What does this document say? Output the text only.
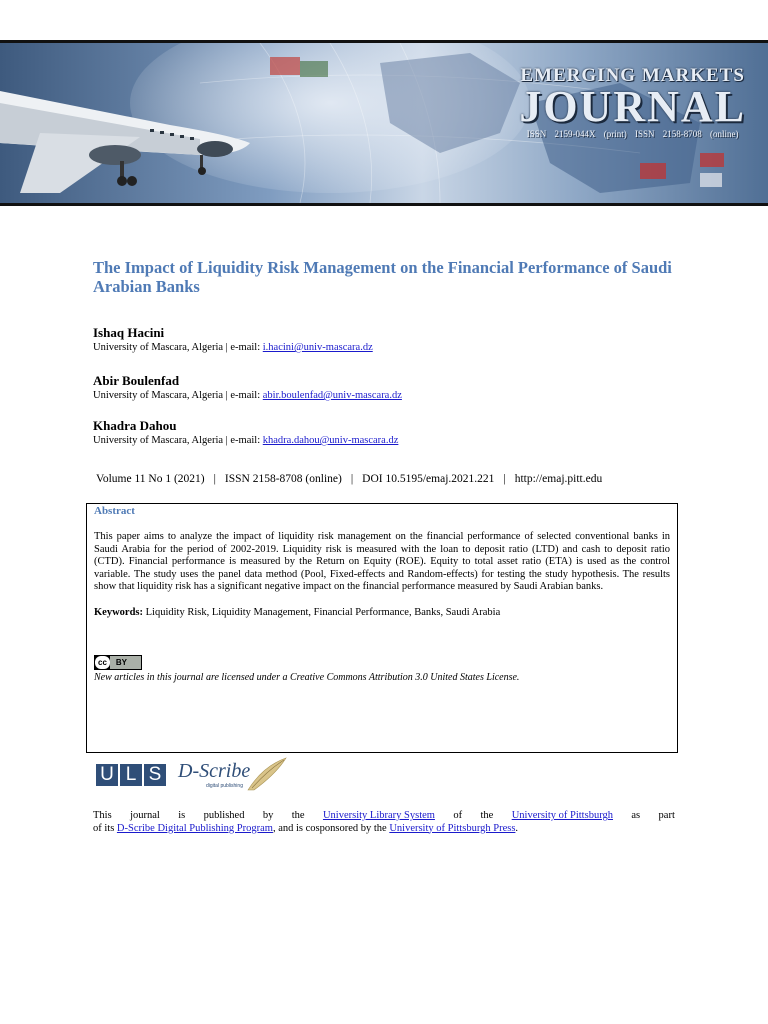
EMERGING MARKETS
JOURNAL
ISSN 2159-044X (print) ISSN 2158-8708 (online)
The Impact of Liquidity Risk Management on the Financial Performance of Saudi Arabian Banks
Ishaq Hacini
University of Mascara, Algeria | e-mail: i.hacini@univ-mascara.dz
Abir Boulenfad
University of Mascara, Algeria | e-mail: abir.boulenfad@univ-mascara.dz
Khadra Dahou
University of Mascara, Algeria | e-mail: khadra.dahou@univ-mascara.dz
Volume 11 No 1 (2021) | ISSN 2158-8708 (online) | DOI 10.5195/emaj.2021.221 | http://emaj.pitt.edu
Abstract
This paper aims to analyze the impact of liquidity risk management on the financial performance of selected conventional banks in Saudi Arabia for the period of 2002-2019. Liquidity risk is measured with the loan to deposit ratio (LTD) and cash to deposit ratio (CTD). Financial performance is measured by the Return on Equity (ROE). Equity to total asset ratio (ETA) is used as the control variable. The study uses the panel data method (Pool, Fixed-effects and Random-effects) for testing the study hypothesis. The results show that liquidity risk has a significant negative impact on the financial performance measured by Saudi Arabian banks.
Keywords: Liquidity Risk, Liquidity Management, Financial Performance, Banks, Saudi Arabia
cc	BY
New articles in this journal are licensed under a Creative Commons Attribution 3.0 United States License.
U L S D-Scribe
digital publishing
This journal is published by the University Library System of the University of Pittsburgh as part
of its D-Scribe Digital Publishing Program, and is cosponsored by the University of Pittsburgh Press.
